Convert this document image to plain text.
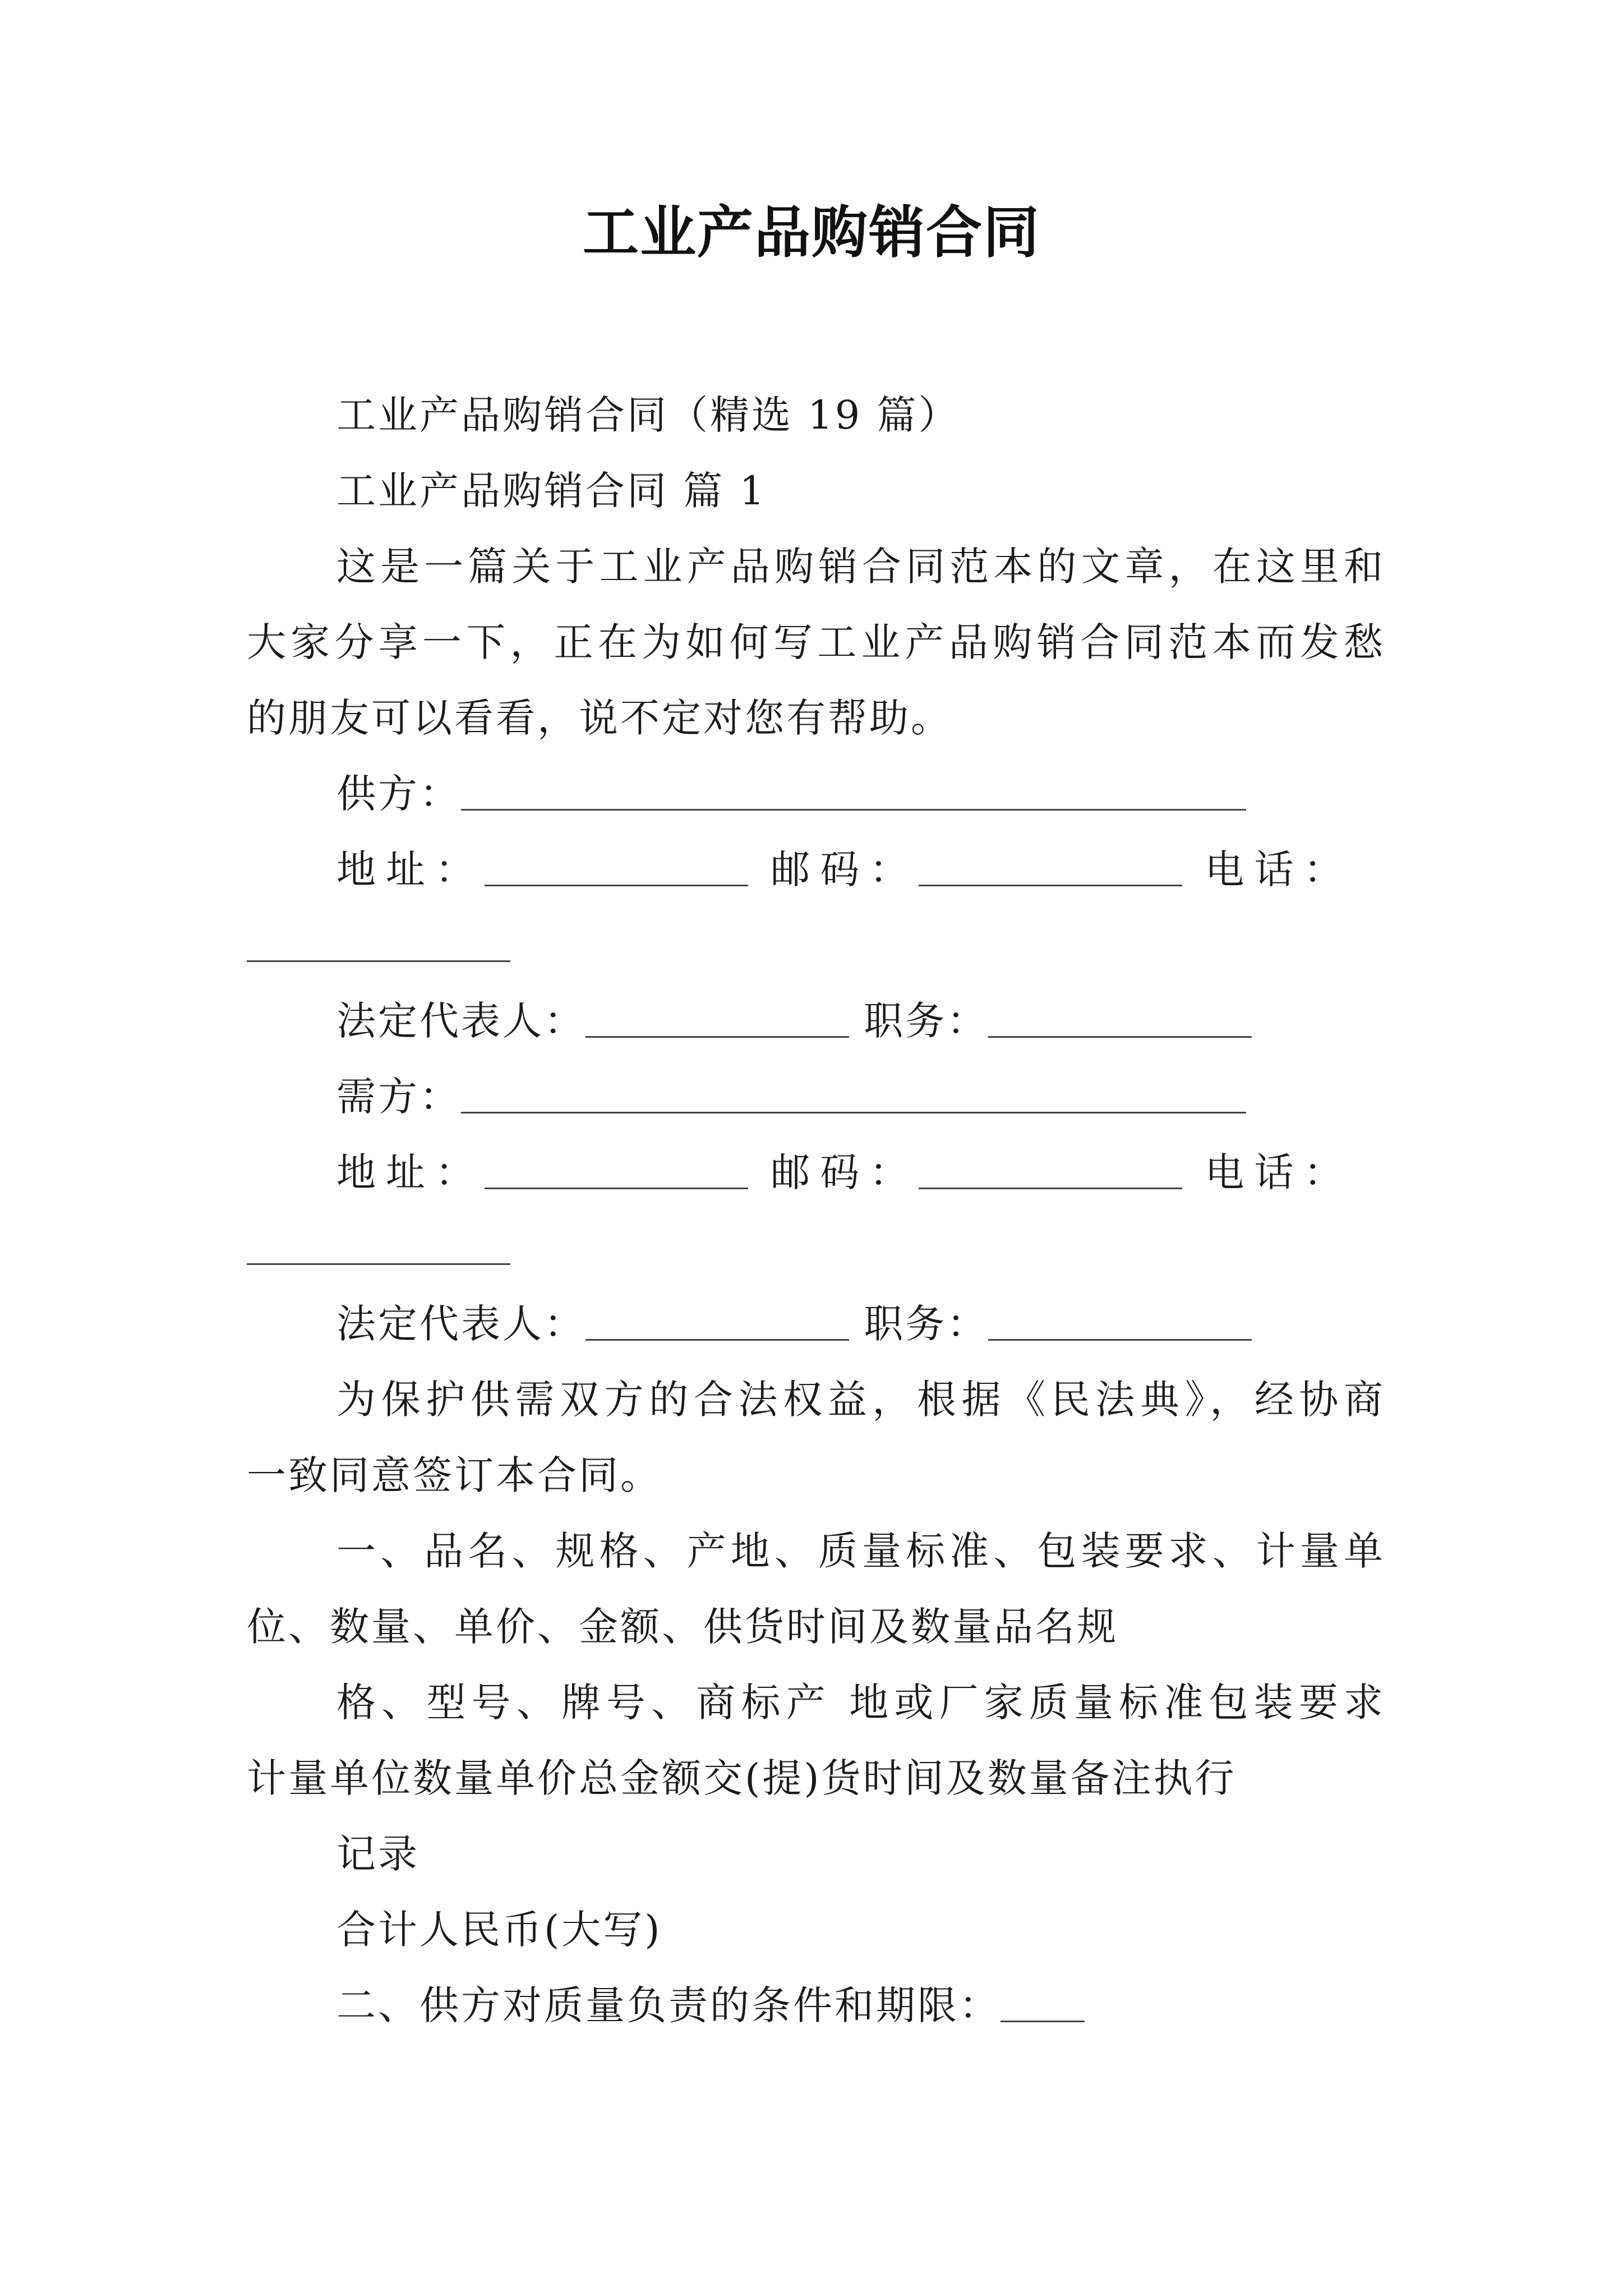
工业产品购销合同
工业产品购销合同（精选 19 篇）
工业产品购销合同 篇 1
这是一篇关于工业产品购销合同范本的文章，在这里和
大家分享一下，正在为如何写工业产品购销合同范本而发愁
的朋友可以看看，说不定对您有帮助。
供方：
地址：	邮码：	电话：
法定代表人：	职务：
需方：
地址：	邮码：	电话：
法定代表人：	职务：
为保护供需双方的合法权益，根据《民法典》，经协商
一致同意签订本合同。
一、品名、规格、产地、质量标准、包装要求、计量单
位、数量、单价、金额、供货时间及数量品名规
格、型号、牌号、商标产 地或厂家质量标准包装要求
计量单位数量单价总金额交(提)货时间及数量备注执行
记录
合计人民币(大写)
二、供方对质量负责的条件和期限：
